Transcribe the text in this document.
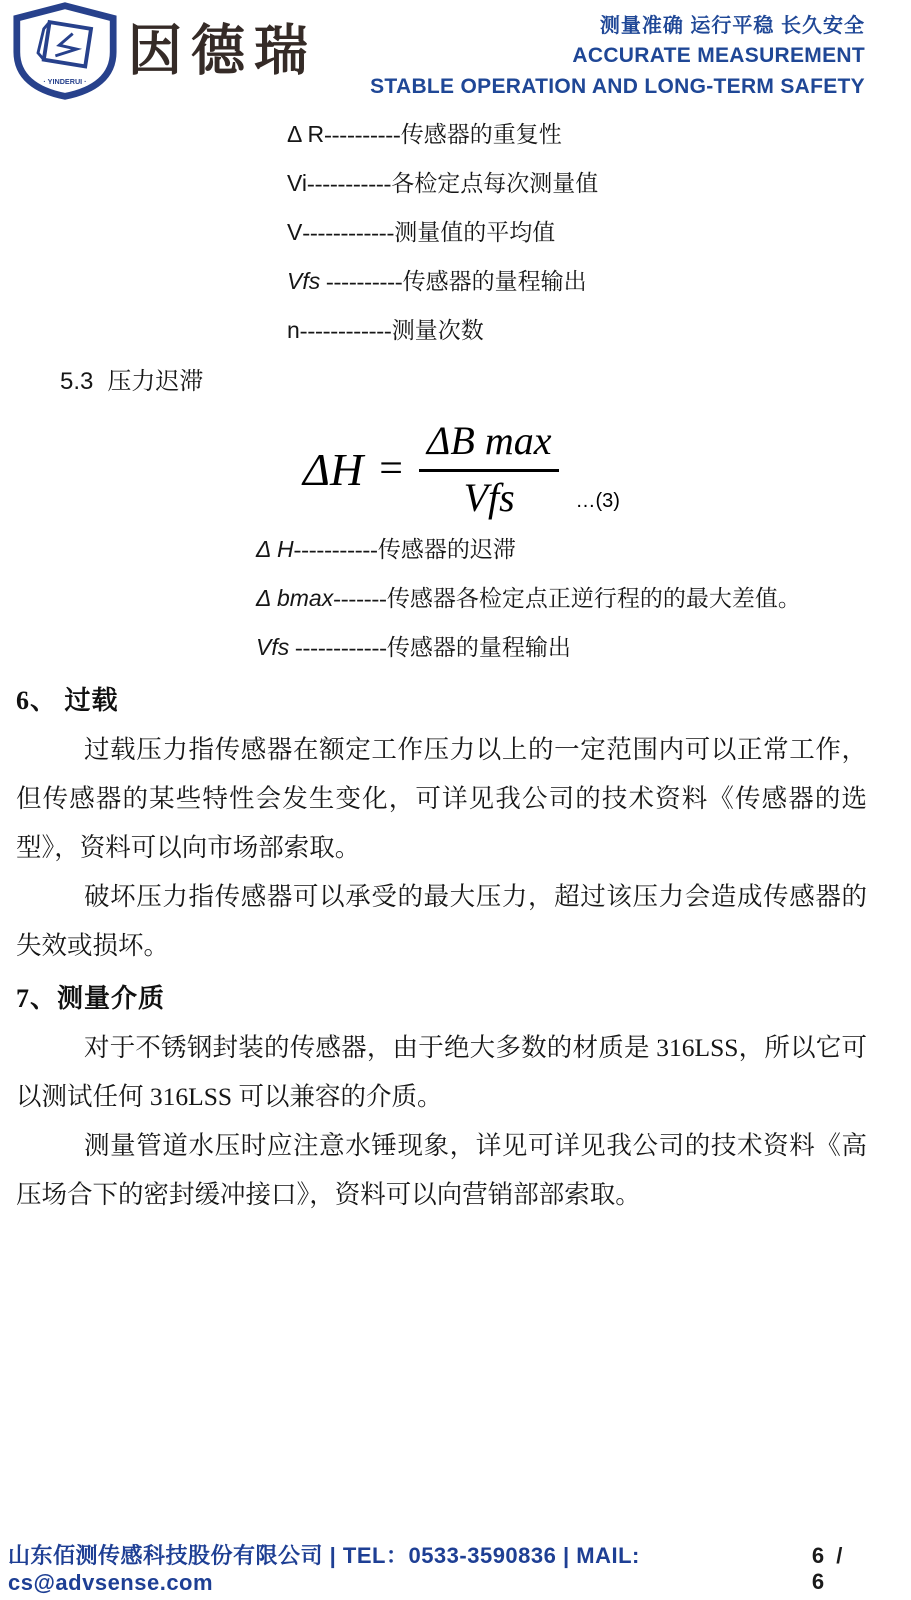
· YINDERUI · 因德瑞	测量准确 运行平稳 长久安全
ACCURATE MEASUREMENT
STABLE OPERATION AND LONG-TERM SAFETY
Δ R----------传感器的重复性
Vi-----------各检定点每次测量值
V------------测量值的平均值
Vfs ----------传感器的量程输出
n------------测量次数
5.3 压力迟滞
$\Delta H = \frac{\text{ΔB max}}{\text{Vfs}}$ …(3)
Δ H-----------传感器的迟滞
Δ bmax-------传感器各检定点正逆行程的的最大差值。
Vfs ------------传感器的量程输出
6、 过载

过载压力指传感器在额定工作压力以上的一定范围内可以正常工作，但传感器的某些特性会发生变化，可详见我公司的技术资料《传感器的选型》，资料可以向市场部索取。

破坏压力指传感器可以承受的最大压力，超过该压力会造成传感器的失效或损坏。

7、测量介质

对于不锈钢封装的传感器，由于绝大多数的材质是 316LSS，所以它可以测试任何 316LSS 可以兼容的介质。

测量管道水压时应注意水锤现象，详见可详见我公司的技术资料《高压场合下的密封缓冲接口》，资料可以向营销部部索取。

山东佰测传感科技股份有限公司 | TEL：0533-3590836 | MAIL: cs@advsense.com
6 / 6
